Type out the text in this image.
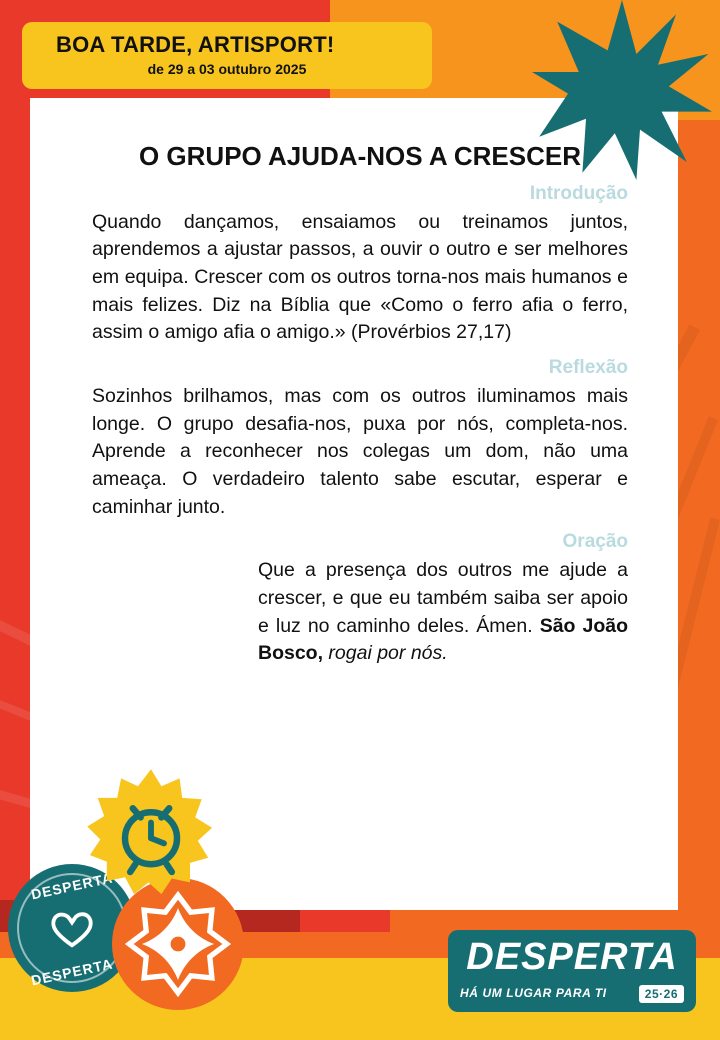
BOA TARDE, ARTISPORT!
de 29 a 03 outubro 2025
O GRUPO AJUDA-NOS A CRESCER
Introdução

Quando dançamos, ensaiamos ou treinamos juntos, aprendemos a ajustar passos, a ouvir o outro e ser melhores em equipa. Crescer com os outros torna-nos mais humanos e mais felizes. Diz na Bíblia que «Como o ferro afia o ferro, assim o amigo afia o amigo.» (Provérbios 27,17)

Reflexão

Sozinhos brilhamos, mas com os outros iluminamos mais longe. O grupo desafia-nos, puxa por nós, completa-nos. Aprende a reconhecer nos colegas um dom, não uma ameaça. O verdadeiro talento sabe escutar, esperar e caminhar junto.

Oração

Que a presença dos outros me ajude a crescer, e que eu também saiba ser apoio e luz no caminho deles. Ámen. São João Bosco, rogai por nós.

DESPERTA
DESPERTA	DESPERTA
HÁ UM LUGAR PARA TI	25·26
